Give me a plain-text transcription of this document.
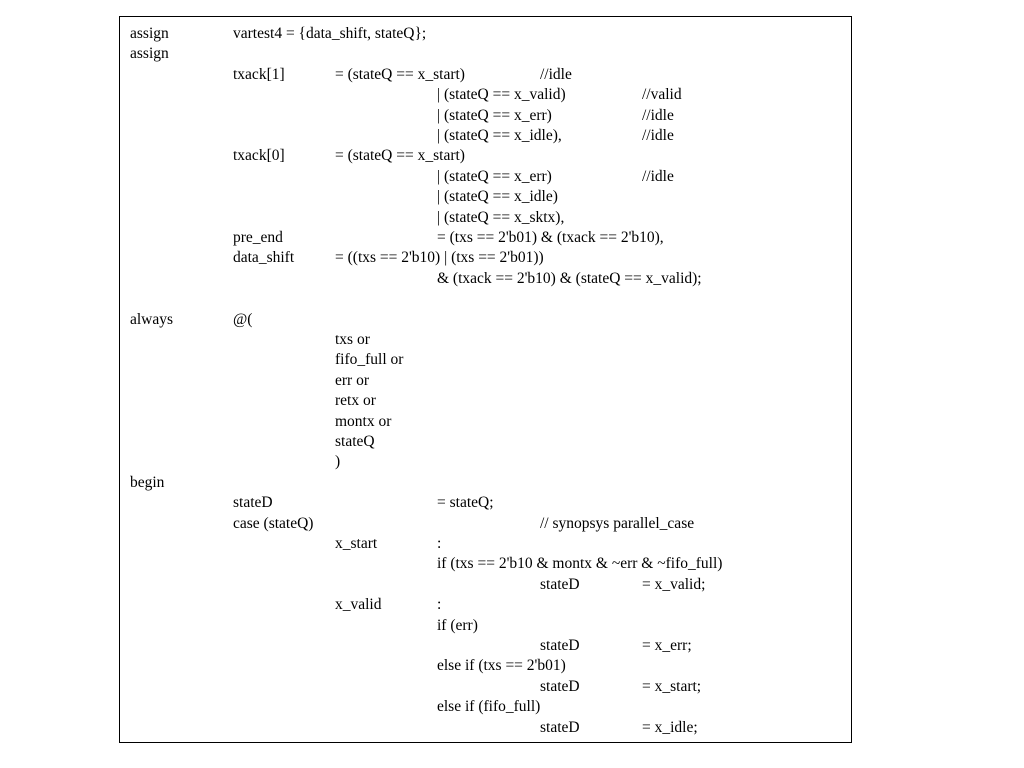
assign	vartest4 = {data_shift, stateQ};
assign
txack[1]	= (stateQ == x_start)	//idle
| (stateQ == x_valid)	//valid
| (stateQ == x_err)	//idle
| (stateQ == x_idle),	//idle
txack[0]	= (stateQ == x_start)
| (stateQ == x_err)	//idle
| (stateQ == x_idle)
| (stateQ == x_sktx),
pre_end	= (txs == 2'b01) & (txack == 2'b10),
data_shift	= ((txs == 2'b10) | (txs == 2'b01))
& (txack == 2'b10) & (stateQ == x_valid);
always	@(
txs or
fifo_full or
err or
retx or
montx or
stateQ
)
begin
stateD	= stateQ;
case (stateQ)	// synopsys parallel_case
x_start	:
if (txs == 2'b10 & montx & ~err & ~fifo_full)
stateD	= x_valid;
x_valid	:
if (err)
stateD	= x_err;
else if (txs == 2'b01)
stateD	= x_start;
else if (fifo_full)
stateD	= x_idle;
